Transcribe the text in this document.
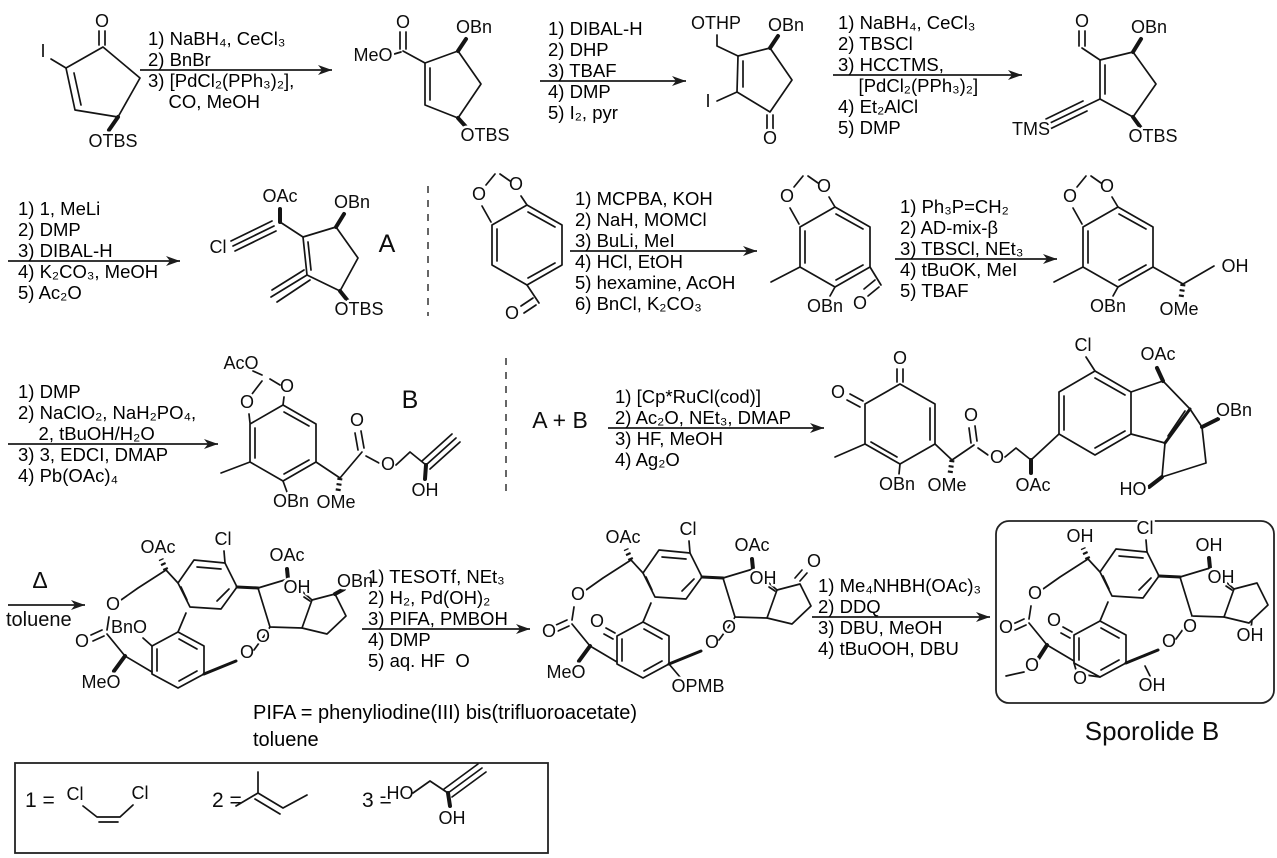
O
I
OTBS
O
MeO
OBn
OTBS
OTHP OBn
I
O
O OBn
TMS	OTBS
OBn
OTBS
OAc
Cl	A
O
O
O
O
O
OBn O
O
O
OBn OMe
OH
O
AcO
O
OBn OMe
O
O
OH
B
A + B
O
O
OBn OMe
O
O
OAc
Cl	OAc
OBn
HO
Δ
toluene
OAc
O
O
MeO
Cl
BnO
O
OAc
OH OBn
O
OAc
O
O
MeO
Cl
O
OPMB
O
OAc
OH
O
O
OH
O
O
O
Cl
O
O	OH
O
OH
OH
OH
O
Sporolide B
1 = Cl	Cl	2 =	3 =
HO
OH
1) NaBH₄, CeCl₃
2) BnBr
3) [PdCl₂(PPh₃)₂],
CO, MeOH
1) DIBAL-H
2) DHP
3) TBAF
4) DMP
5) I₂, pyr
1) NaBH₄, CeCl₃
2) TBSCl
3) HCCTMS,
[PdCl₂(PPh₃)₂]
4) Et₂AlCl
5) DMP
1) 1, MeLi
2) DMP
3) DIBAL-H
4) K₂CO₃, MeOH
5) Ac₂O
1) MCPBA, KOH
2) NaH, MOMCl
3) BuLi, MeI
4) HCl, EtOH
5) hexamine, AcOH
6) BnCl, K₂CO₃
1) Ph₃P=CH₂
2) AD-mix-β
3) TBSCl, NEt₃
4) tBuOK, MeI
5) TBAF
1) DMP
2) NaClO₂, NaH₂PO₄,
2, tBuOH/H₂O
3) 3, EDCI, DMAP
4) Pb(OAc)₄
1) [Cp*RuCl(cod)]
2) Ac₂O, NEt₃, DMAP
3) HF, MeOH
4) Ag₂O
1) TESOTf, NEt₃
2) H₂, Pd(OH)₂
3) PIFA, PMBOH
4) DMP
5) aq. HF  O
1) Me₄NHBH(OAc)₃
2) DDQ
3) DBU, MeOH
4) tBuOOH, DBU
PIFA = phenyliodine(III) bis(trifluoroacetate)
toluene
